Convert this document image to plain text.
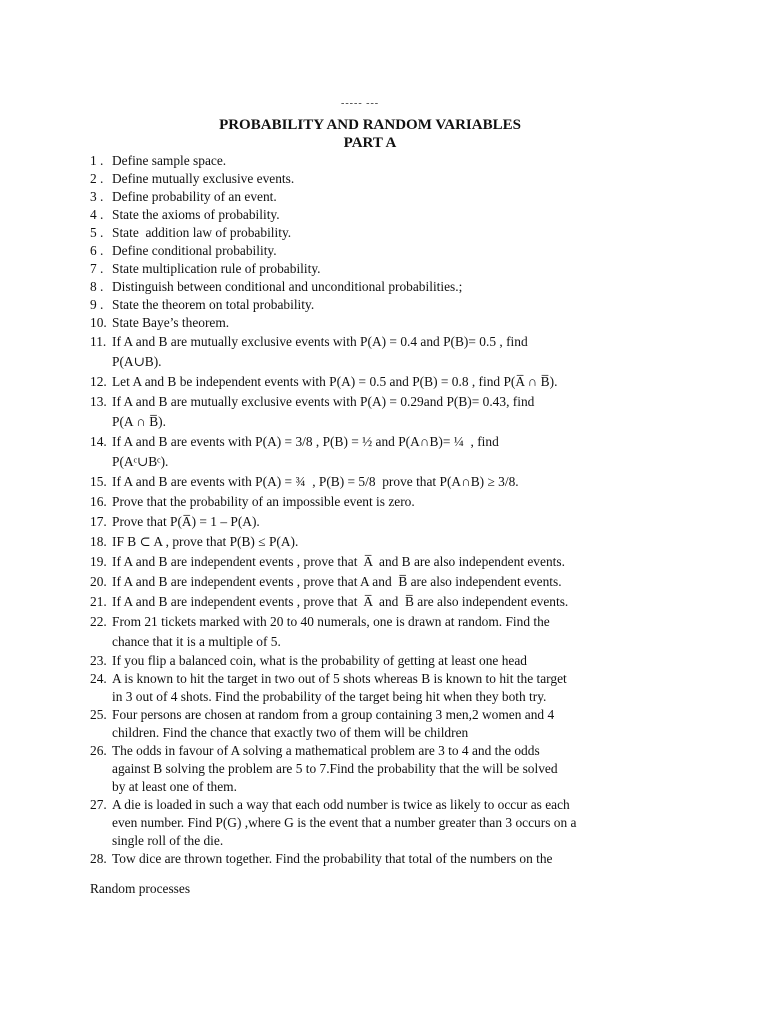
----- ---
PROBABILITY AND RANDOM VARIABLES
PART A
1 . Define sample space.
2 . Define mutually exclusive events.
3 . Define probability of an event.
4 . State the axioms of probability.
5 . State  addition law of probability.
6 . Define conditional probability.
7 . State multiplication rule of probability.
8 . Distinguish between conditional and unconditional probabilities.;
9 . State the theorem on total probability.
10. State Baye’s theorem.
11. If A and B are mutually exclusive events with P(A) = 0.4 and P(B)= 0.5 , find
P(A∪B).
12. Let A and B be independent events with P(A) = 0.5 and P(B) = 0.8 , find P(A̅ ∩ B̅).
13. If A and B are mutually exclusive events with P(A) = 0.29and P(B)= 0.43, find
P(A ∩ B̅).
14. If A and B are events with P(A) = 3/8 , P(B) = ½ and P(A∩B)= ¼  , find
P(Aᶜ∪Bᶜ).
15. If A and B are events with P(A) = ¾  , P(B) = 5/8  prove that P(A∩B) ≥ 3/8.
16. Prove that the probability of an impossible event is zero.
17. Prove that P(A̅) = 1 – P(A).
18. IF B ⊂ A , prove that P(B) ≤ P(A).
19. If A and B are independent events , prove that  A̅  and B are also independent events.
20. If A and B are independent events , prove that A and  B̅ are also independent events.
21. If A and B are independent events , prove that  A̅  and  B̅ are also independent events.
22. From 21 tickets marked with 20 to 40 numerals, one is drawn at random. Find the
chance that it is a multiple of 5.
23. If you flip a balanced coin, what is the probability of getting at least one head
24. A is known to hit the target in two out of 5 shots whereas B is known to hit the target
in 3 out of 4 shots. Find the probability of the target being hit when they both try.
25. Four persons are chosen at random from a group containing 3 men,2 women and 4
children. Find the chance that exactly two of them will be children
26. The odds in favour of A solving a mathematical problem are 3 to 4 and the odds
against B solving the problem are 5 to 7.Find the probability that the will be solved
by at least one of them.
27. A die is loaded in such a way that each odd number is twice as likely to occur as each
even number. Find P(G) ,where G is the event that a number greater than 3 occurs on a
single roll of the die.
28. Tow dice are thrown together. Find the probability that total of the numbers on the
Random processes
